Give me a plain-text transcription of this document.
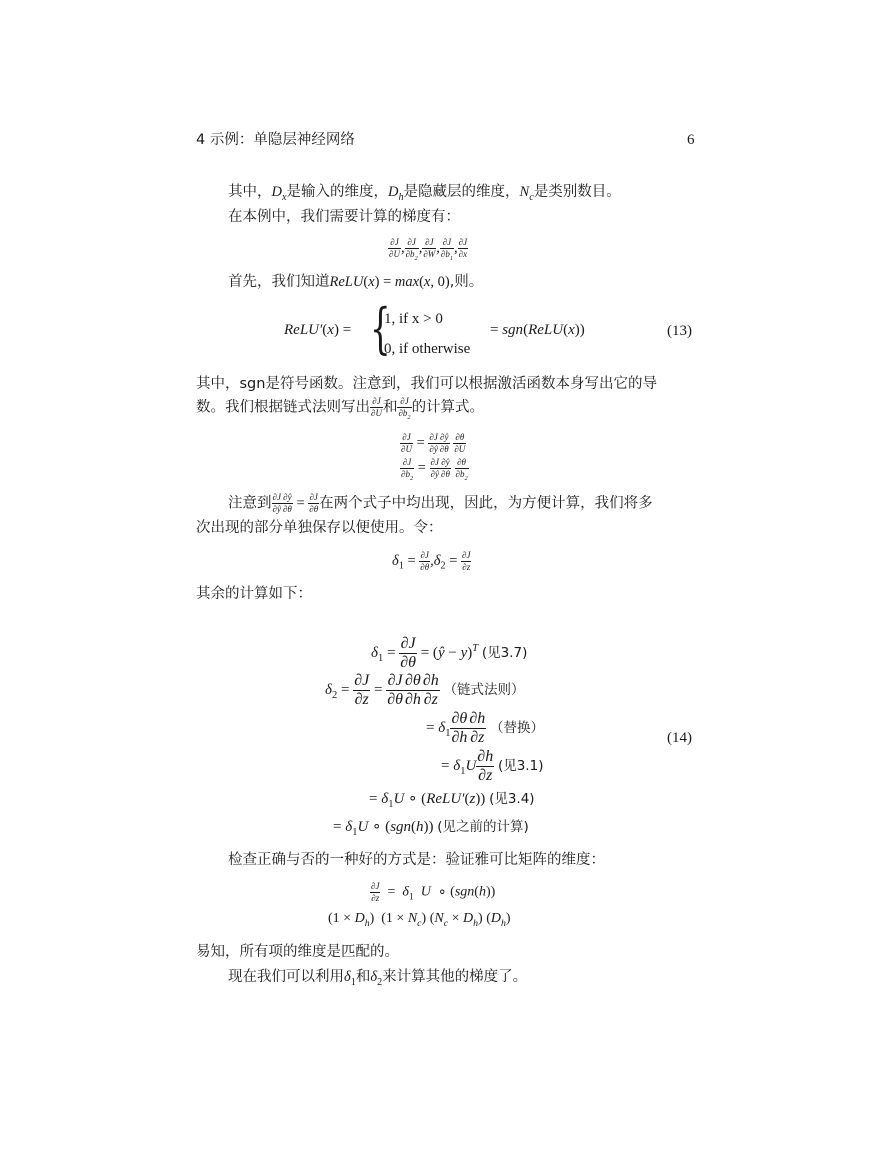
4 示例：单隐层神经网络	6
其中，$D_x$是输入的维度，$D_h$是隐藏层的维度，$N_c$是类别数目。
在本例中，我们需要计算的梯度有：
$\frac{\partial J}{\partial U}$ , $\frac{\partial J}{\partial b_2}$ , $\frac{\partial J}{\partial W}$ , $\frac{\partial J}{\partial b_1}$ , $\frac{\partial J}{\partial x}$
首先，我们知道ReLU(x) = max(x, 0),则。
ReLU′(x) = {
1, if x > 0
0, if otherwise
= sgn(ReLU(x))	(13)
其中，sgn是符号函数。注意到，我们可以根据激活函数本身写出它的导
数。我们根据链式法则写出 $\frac{\partial J}{\partial U}$ 和 $\frac{\partial J}{\partial b_2}$ 的计算式。
$\frac{\partial J}{\partial U} = \frac{\partial J}{\partial ŷ} \frac{\partial ŷ}{\partial\theta}$
$\frac{\partial\theta}{\partial U}$
$\frac{\partial J}{\partial b_2} = \frac{\partial J}{\partial ŷ} \frac{\partial ŷ}{\partial\theta}$
$\frac{\partial\theta}{\partial b_2}$
注意到 $\frac{\partial J}{\partial ŷ} \frac{\partial ŷ}{\partial\theta} = \frac{\partial J}{\partial\theta}$ 在两个式子中均出现，因此，为方便计算，我们将多
次出现的部分单独保存以便使用。令：
$\delta_1 = \frac{\partial J}{\partial\theta} ,\delta_2 = \frac{\partial J}{\partial z}$
其余的计算如下：
$\delta_1 = \frac{\partial J}{\partial\theta}$ = (ŷ − y)$^T$ (见3.7)
$\delta_2 = \frac{\partial J}{\partial z} = \frac{\partial J}{\partial\theta} \frac{\partial\theta}{\partial h} \frac{\partial h}{\partial z}$ （链式法则）
= $\delta_1 \frac{\partial\theta}{\partial h} \frac{\partial h}{\partial z}$ （替换）
(14)
= $\delta_1U \frac{\partial h}{\partial z}$ (见3.1)
= $\delta_1U$ ∘ (ReLU′(z)) (见3.4)
= $\delta_1U$ ∘ (sgn(h)) (见之前的计算)
检查正确与否的一种好的方式是：验证雅可比矩阵的维度：
$\frac{\partial J}{\partial z} = \delta_1$  U  ∘ (sgn(h))
$(1 \times D_h)$ $(1 \times N_c)$ $(N_c \times D_h)$ $(D_h)$
易知，所有项的维度是匹配的。
现在我们可以利用$\delta_1$和$\delta_2$来计算其他的梯度了。
